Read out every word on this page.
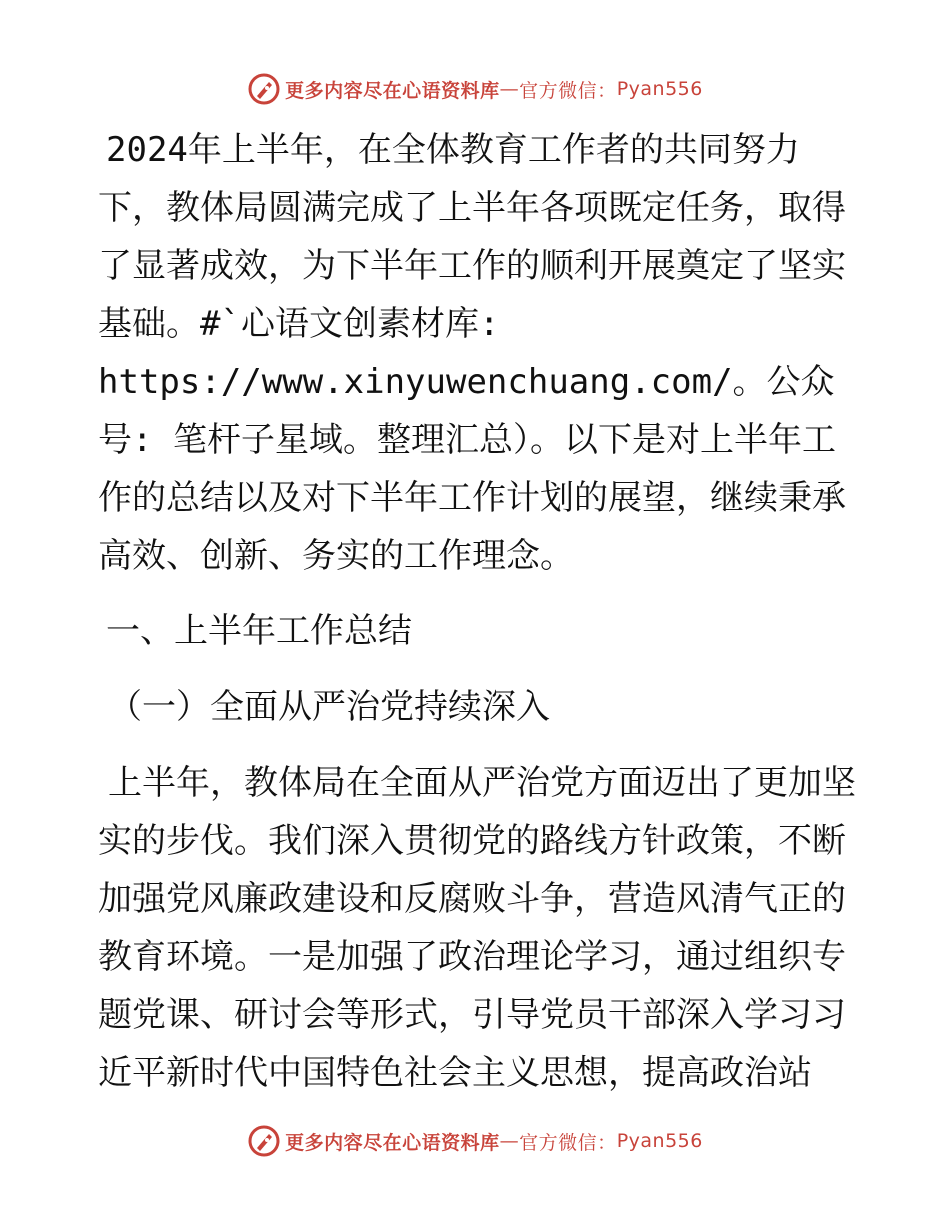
更多内容尽在心语资料库 — 官方微信： Pyan556

2024年上半年，在全体教育工作者的共同努力下，教体局圆满完成了上半年各项既定任务，取得了显著成效，为下半年工作的顺利开展奠定了坚实基础。#`心语文创素材库: https://www.xinyuwenchuang.com/。公众号: 笔杆子星域。整理汇总）。以下是对上半年工作的总结以及对下半年工作计划的展望，继续秉承高效、创新、务实的工作理念。

一、上半年工作总结

（一）全面从严治党持续深入

上半年，教体局在全面从严治党方面迈出了更加坚实的步伐。我们深入贯彻党的路线方针政策，不断加强党风廉政建设和反腐败斗争，营造风清气正的教育环境。一是加强了政治理论学习，通过组织专题党课、研讨会等形式，引导党员干部深入学习习近平新时代中国特色社会主义思想，提高政治站

更多内容尽在心语资料库 — 官方微信： Pyan556
